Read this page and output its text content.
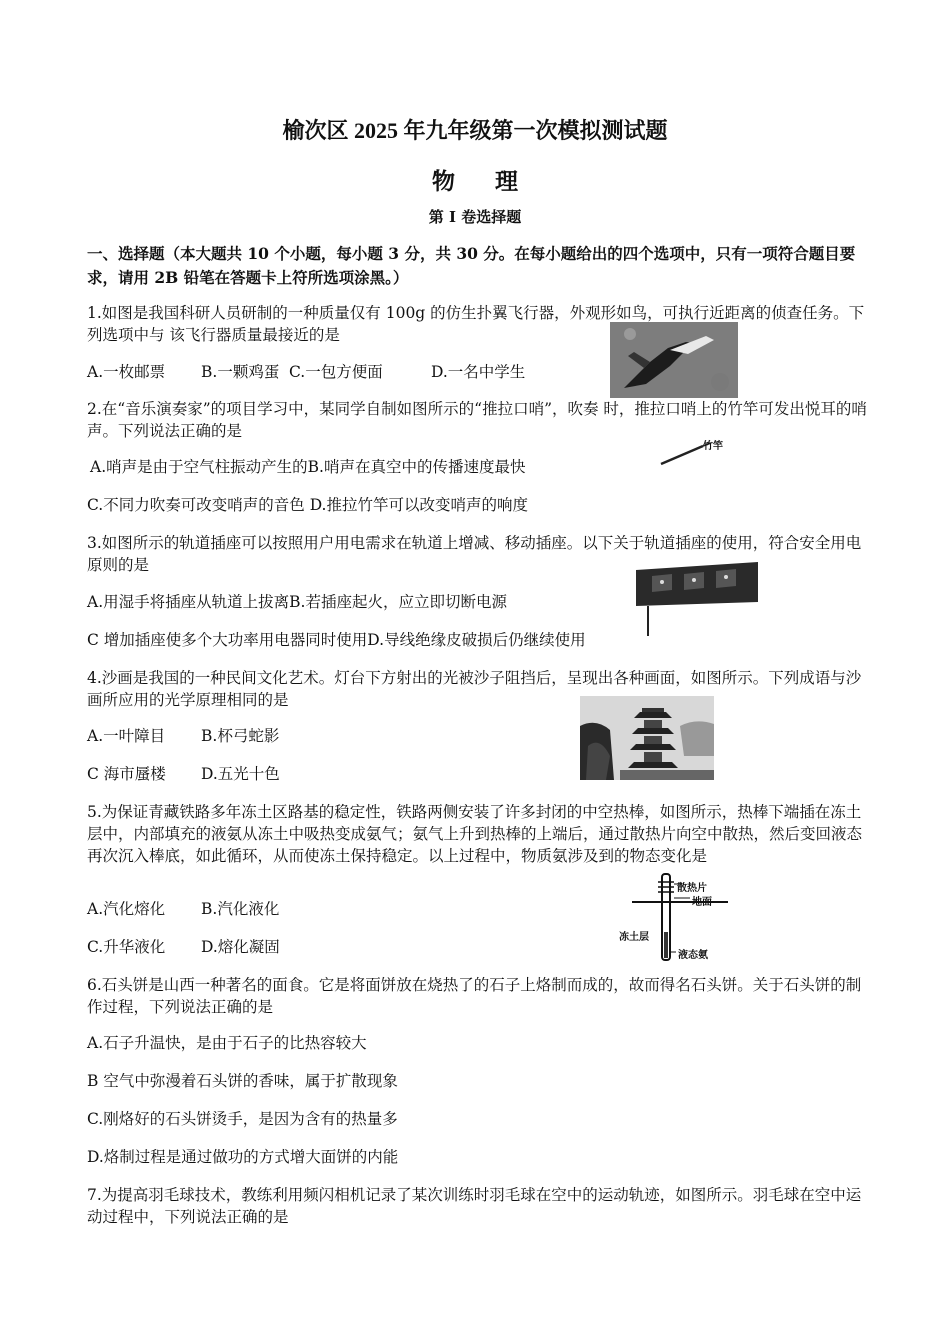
榆次区 2025 年九年级第一次模拟测试题
物理
第 I 卷选择题
一、选择题（本大题共 10 个小题，每小题 3 分，共 30 分。在每小题给出的四个选项中，只有一项符合题目要求，请用 2B 铅笔在答题卡上符所选项涂黑。）
1.如图是我国科研人员研制的一种质量仅有 100g 的仿生扑翼飞行器，外观形如鸟，可执行近距离的侦查任务。下列选项中与 该飞行器质量最接近的是
A.一枚邮票 B.一颗鸡蛋 C.一包方便面	D.一名中学生
2.在“音乐演奏家”的项目学习中，某同学自制如图所示的“推拉口哨”，吹奏 时，推拉口哨上的竹竿可发出悦耳的哨声。下列说法正确的是
A.哨声是由于空气柱振动产生的B.哨声在真空中的传播速度最快
C.不同力吹奏可改变哨声的音色 D.推拉竹竿可以改变哨声的响度
竹竿
3.如图所示的轨道插座可以按照用户用电需求在轨道上增减、移动插座。以下关于轨道插座的使用，符合安全用电原则的是
A.用湿手将插座从轨道上拔离B.若插座起火，应立即切断电源
C 增加插座使多个大功率用电器同时使用D.导线绝缘皮破损后仍继续使用
4.沙画是我国的一种民间文化艺术。灯台下方射出的光被沙子阻挡后，呈现出各种画面，如图所示。下列成语与沙画所应用的光学原理相同的是
A.一叶障目 B.杯弓蛇影
C 海市蜃楼 D.五光十色
5.为保证青藏铁路多年冻土区路基的稳定性，铁路两侧安装了许多封闭的中空热棒，如图所示，热棒下端插在冻土层中，内部填充的液氨从冻土中吸热变成氨气；氨气上升到热棒的上端后，通过散热片向空中散热，然后变回液态再次沉入棒底，如此循环，从而使冻土保持稳定。以上过程中，物质氨涉及到的物态变化是
A.汽化熔化 B.汽化液化
C.升华液化 D.熔化凝固
散热片
地面
冻土层
液态氨
6.石头饼是山西一种著名的面食。它是将面饼放在烧热了的石子上烙制而成的，故而得名石头饼。关于石头饼的制作过程，下列说法正确的是
A.石子升温快，是由于石子的比热容较大
B 空气中弥漫着石头饼的香味，属于扩散现象
C.刚烙好的石头饼烫手，是因为含有的热量多
D.烙制过程是通过做功的方式增大面饼的内能
7.为提高羽毛球技术，教练利用频闪相机记录了某次训练时羽毛球在空中的运动轨迹，如图所示。羽毛球在空中运动过程中，下列说法正确的是
